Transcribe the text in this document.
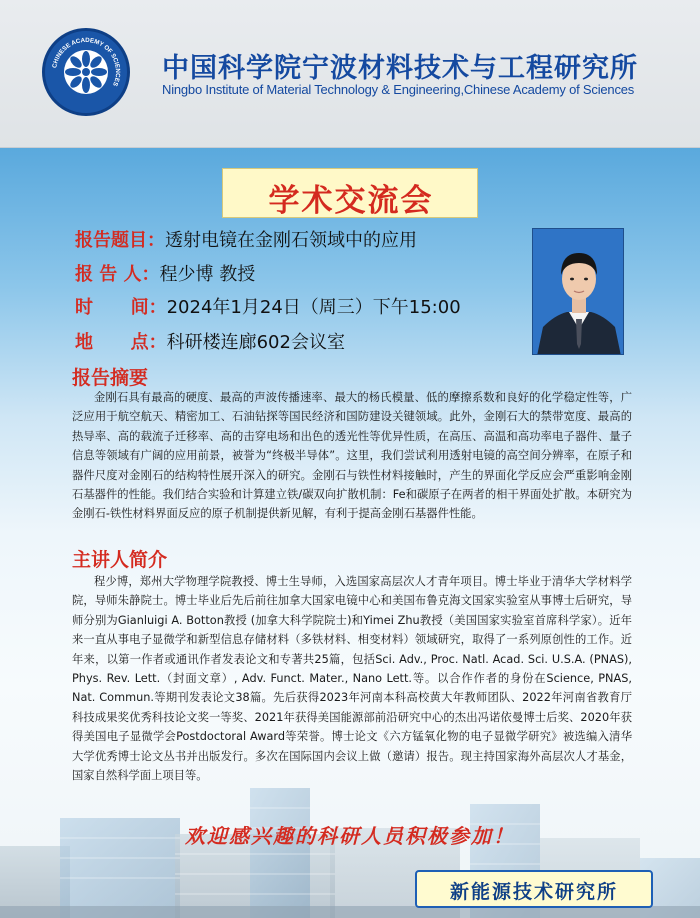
CHINESE ACADEMY OF SCIENCES 中国科学院宁波材料技术与工程研究所
Ningbo Institute of Material Technology & Engineering,Chinese Academy of Sciences
学术交流会
报告题目：透射电镜在金刚石领域中的应用
报 告 人：程少博 教授
时      间：2024年1月24日（周三）下午15:00
地      点：科研楼连廊602会议室
报告摘要
金刚石具有最高的硬度、最高的声波传播速率、最大的杨氏模量、低的摩擦系数和良好的化学稳定性等，广泛应用于航空航天、精密加工、石油钻探等国民经济和国防建设关键领域。此外，金刚石大的禁带宽度、最高的热导率、高的载流子迁移率、高的击穿电场和出色的透光性等优异性质，在高压、高温和高功率电子器件、量子信息等领域有广阔的应用前景，被誉为“终极半导体”。这里，我们尝试利用透射电镜的高空间分辨率，在原子和器件尺度对金刚石的结构特性展开深入的研究。金刚石与铁性材料接触时，产生的界面化学反应会严重影响金刚石基器件的性能。我们结合实验和计算建立铁/碳双向扩散机制：Fe和碳原子在两者的相干界面处扩散。本研究为金刚石-铁性材料界面反应的原子机制提供新见解，有利于提高金刚石基器件性能。
主讲人简介
程少博，郑州大学物理学院教授、博士生导师，入选国家高层次人才青年项目。博士毕业于清华大学材料学院，导师朱静院士。博士毕业后先后前往加拿大国家电镜中心和美国布鲁克海文国家实验室从事博士后研究，导师分别为Gianluigi A. Botton教授 (加拿大科学院院士)和Yimei Zhu教授（美国国家实验室首席科学家）。近年来一直从事电子显微学和新型信息存储材料（多铁材料、相变材料）领域研究，取得了一系列原创性的工作。近年来，以第一作者或通讯作者发表论文和专著共25篇，包括Sci. Adv., Proc. Natl. Acad. Sci. U.S.A. (PNAS), Phys. Rev. Lett.（封面文章）, Adv. Funct. Mater., Nano Lett.等。以合作作者的身份在Science, PNAS, Nat. Commun.等期刊发表论文38篇。先后获得2023年河南本科高校黄大年教师团队、2022年河南省教育厅科技成果奖优秀科技论文奖一等奖、2021年获得美国能源部前沿研究中心的杰出冯诺依曼博士后奖、2020年获得美国电子显微学会Postdoctoral Award等荣誉。博士论文《六方锰氧化物的电子显微学研究》被选编入清华大学优秀博士论文丛书并出版发行。多次在国际国内会议上做（邀请）报告。现主持国家海外高层次人才基金，国家自然科学面上项目等。
欢迎感兴趣的科研人员积极参加！
新能源技术研究所
